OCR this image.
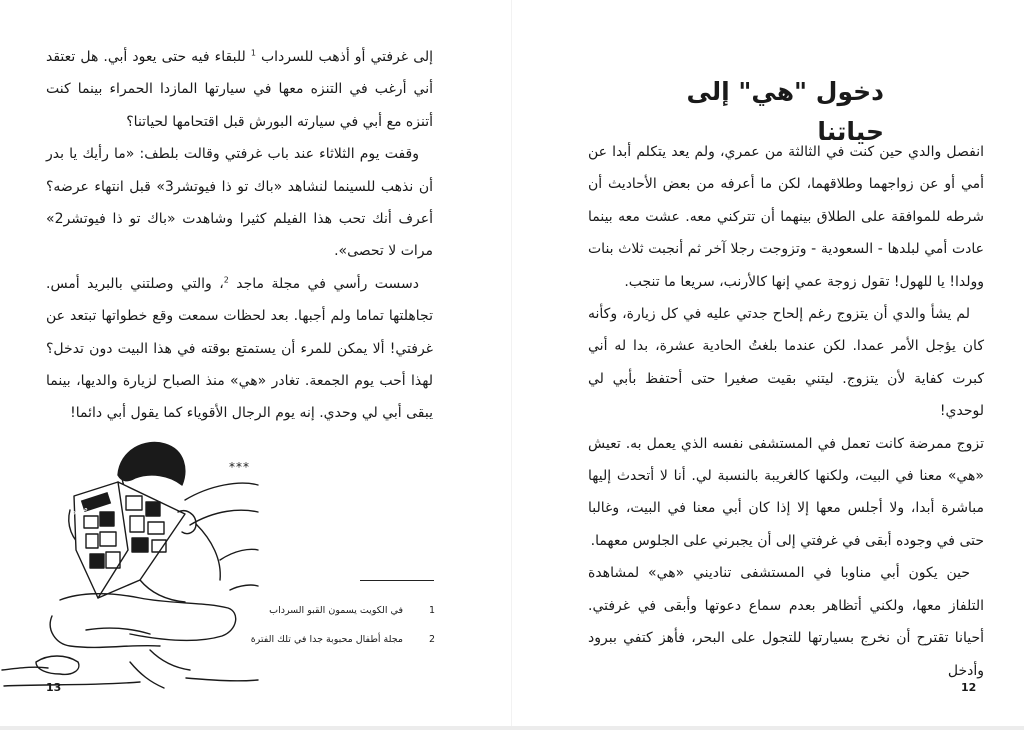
إلى غرفتي أو أذهب للسرداب $^1$ للبقاء فيه حتى يعود أبي. هل تعتقد أني أرغب في التنزه معها في سيارتها المازدا الحمراء بينما كنت أتنزه مع أبي في سيارته البورش قبل اقتحامها لحياتنا؟

وقفت يوم الثلاثاء عند باب غرفتي وقالت بلطف: «ما رأيك يا بدر أن نذهب للسينما لنشاهد «باك تو ذا فيوتشر3» قبل انتهاء عرضه؟ أعرف أنك تحب هذا الفيلم كثيرا وشاهدت «باك تو ذا فيوتشر2» مرات لا تحصى».

دسست رأسي في مجلة ماجد $^2$، والتي وصلتني بالبريد أمس. تجاهلتها تماما ولم أجبها. بعد لحظات سمعت وقع خطواتها تبتعد عن غرفتي! ألا يمكن للمرء أن يستمتع بوقته في هذا البيت دون تدخل؟ لهذا أحب يوم الجمعة. تغادر «هي» منذ الصباح لزيارة والديها، بينما يبقى أبي لي وحدي. إنه يوم الرجال الأقوياء كما يقول أبي دائما!

***
ماجد
1
في الكويت يسمون القبو السرداب
2
مجلة أطفال محبوبة جدا في تلك الفترة
13
دخول "هي" إلى حياتنا

انفصل والدي حين كنت في الثالثة من عمري، ولم يعد يتكلم أبدا عن أمي أو عن زواجهما وطلاقهما، لكن ما أعرفه من بعض الأحاديث أن شرطه للموافقة على الطلاق بينهما أن تتركني معه. عشت معه بينما عادت أمي لبلدها - السعودية - وتزوجت رجلا آخر ثم أنجبت ثلاث بنات وولدا! يا للهول! تقول زوجة عمي إنها كالأرنب، سريعا ما تنجب.

لم يشأ والدي أن يتزوج رغم إلحاح جدتي عليه في كل زيارة، وكأنه كان يؤجل الأمر عمدا. لكن عندما بلغتُ الحادية عشرة، بدا له أني كبرت كفاية لأن يتزوج. ليتني بقيت صغيرا حتى أحتفظ بأبي لي لوحدي!

تزوج ممرضة كانت تعمل في المستشفى نفسه الذي يعمل به. تعيش «هي» معنا في البيت، ولكنها كالغريبة بالنسبة لي. أنا لا أتحدث إليها مباشرة أبدا، ولا أجلس معها إلا إذا كان أبي معنا في البيت، وغالبا حتى في وجوده أبقى في غرفتي إلى أن يجبرني على الجلوس معهما.

حين يكون أبي مناوبا في المستشفى تناديني «هي» لمشاهدة التلفاز معها، ولكني أتظاهر بعدم سماع دعوتها وأبقى في غرفتي. أحيانا تقترح أن نخرج بسيارتها للتجول على البحر، فأهز كتفي ببرود وأدخل

12
